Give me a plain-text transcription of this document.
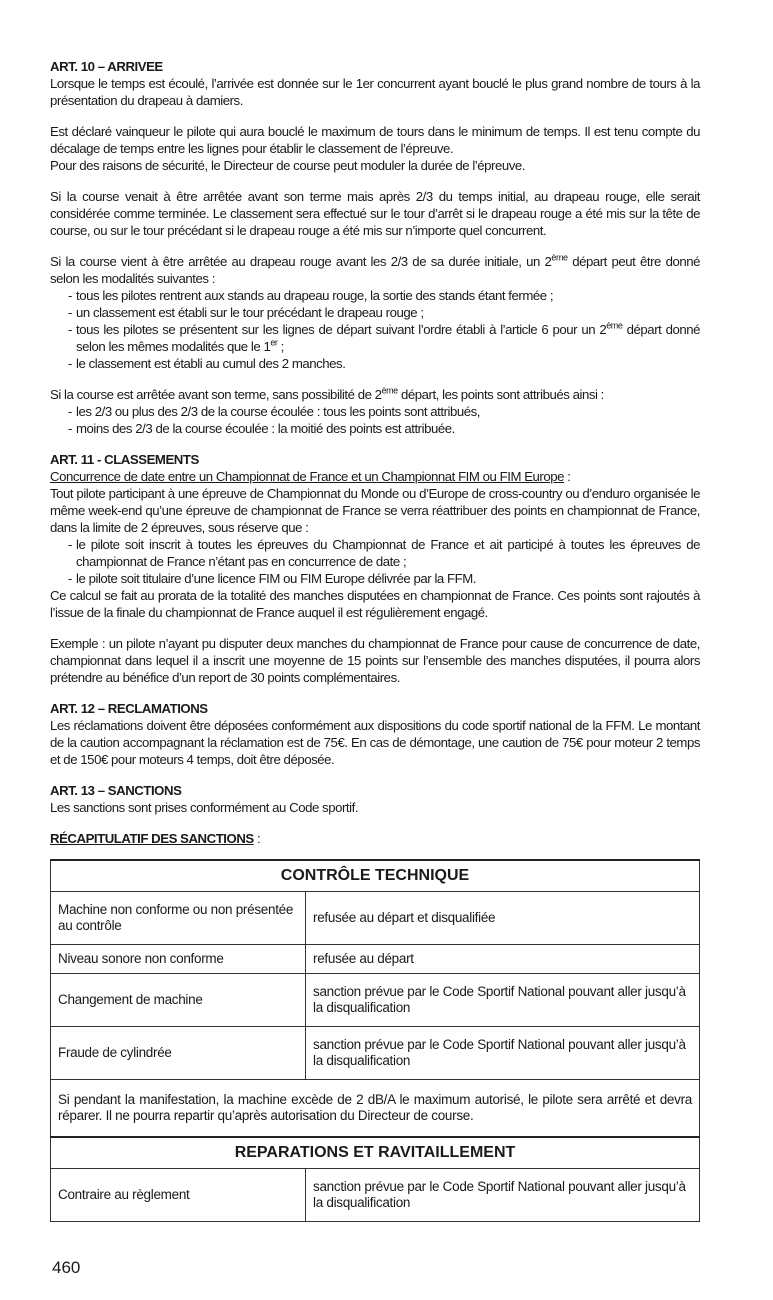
ART. 10 – ARRIVEE

Lorsque le temps est écoulé, l’arrivée est donnée sur le 1er concurrent ayant bouclé le plus grand nombre de tours à la présentation du drapeau à damiers.

Est déclaré vainqueur le pilote qui aura bouclé le maximum de tours dans le minimum de temps. Il est tenu compte du décalage de temps entre les lignes pour établir le classement de l’épreuve.

Pour des raisons de sécurité, le Directeur de course peut moduler la durée de l’épreuve.

Si la course venait à être arrêtée avant son terme mais après 2/3 du temps initial, au drapeau rouge, elle serait considérée comme terminée. Le classement sera effectué sur le tour d’arrêt si le drapeau rouge a été mis sur la tête de course, ou sur le tour précédant si le drapeau rouge a été mis sur n’importe quel concurrent.

Si la course vient à être arrêtée au drapeau rouge avant les 2/3 de sa durée initiale, un 2ème départ peut être donné selon les modalités suivantes :

- tous les pilotes rentrent aux stands au drapeau rouge, la sortie des stands étant fermée ;
- un classement est établi sur le tour précédant le drapeau rouge ;
- tous les pilotes se présentent sur les lignes de départ suivant l’ordre établi à l’article 6 pour un 2ème départ donné selon les mêmes modalités que le 1er ;
- le classement est établi au cumul des 2 manches.

Si la course est arrêtée avant son terme, sans possibilité de 2ème départ, les points sont attribués ainsi :

- les 2/3 ou plus des 2/3 de la course écoulée : tous les points sont attribués,
- moins des 2/3 de la course écoulée : la moitié des points est attribuée.

ART. 11 - CLASSEMENTS

Concurrence de date entre un Championnat de France et un Championnat FIM ou FIM Europe :

Tout pilote participant à une épreuve de Championnat du Monde ou d’Europe de cross-country ou d’enduro organisée le même week-end qu’une épreuve de championnat de France se verra réattribuer des points en championnat de France, dans la limite de 2 épreuves, sous réserve que :

- le pilote soit inscrit à toutes les épreuves du Championnat de France et ait participé à toutes les épreuves de championnat de France n’étant pas en concurrence de date ;
- le pilote soit titulaire d’une licence FIM ou FIM Europe délivrée par la FFM.

Ce calcul se fait au prorata de la totalité des manches disputées en championnat de France. Ces points sont rajoutés à l’issue de la finale du championnat de France auquel il est régulièrement engagé.

Exemple : un pilote n’ayant pu disputer deux manches du championnat de France pour cause de concurrence de date, championnat dans lequel il a inscrit une moyenne de 15 points sur l’ensemble des manches disputées, il pourra alors prétendre au bénéfice d’un report de 30 points complémentaires.

ART. 12 – RECLAMATIONS

Les réclamations doivent être déposées conformément aux dispositions du code sportif national de la FFM. Le montant de la caution accompagnant la réclamation est de 75€. En cas de démontage, une caution de 75€ pour moteur 2 temps et de 150€ pour moteurs 4 temps, doit être déposée.

ART. 13 – SANCTIONS

Les sanctions sont prises conformément au Code sportif.

RÉCAPITULATIF DES SANCTIONS :

CONTRÔLE TECHNIQUE	
Machine non conforme ou non présentée au contrôle	refusée au départ et disqualifiée
Niveau sonore non conforme	refusée au départ
Changement de machine	sanction prévue par le Code Sportif National pouvant aller jusqu’à la disqualification
Fraude de cylindrée	sanction prévue par le Code Sportif National pouvant aller jusqu’à la disqualification
Si pendant la manifestation, la machine excède de 2 dB/A le maximum autorisé, le pilote sera arrêté et devra réparer. Il ne pourra repartir qu’après autorisation du Directeur de course.	
REPARATIONS ET RAVITAILLEMENT	
Contraire au règlement	sanction prévue par le Code Sportif National pouvant aller jusqu’à la disqualification
460
